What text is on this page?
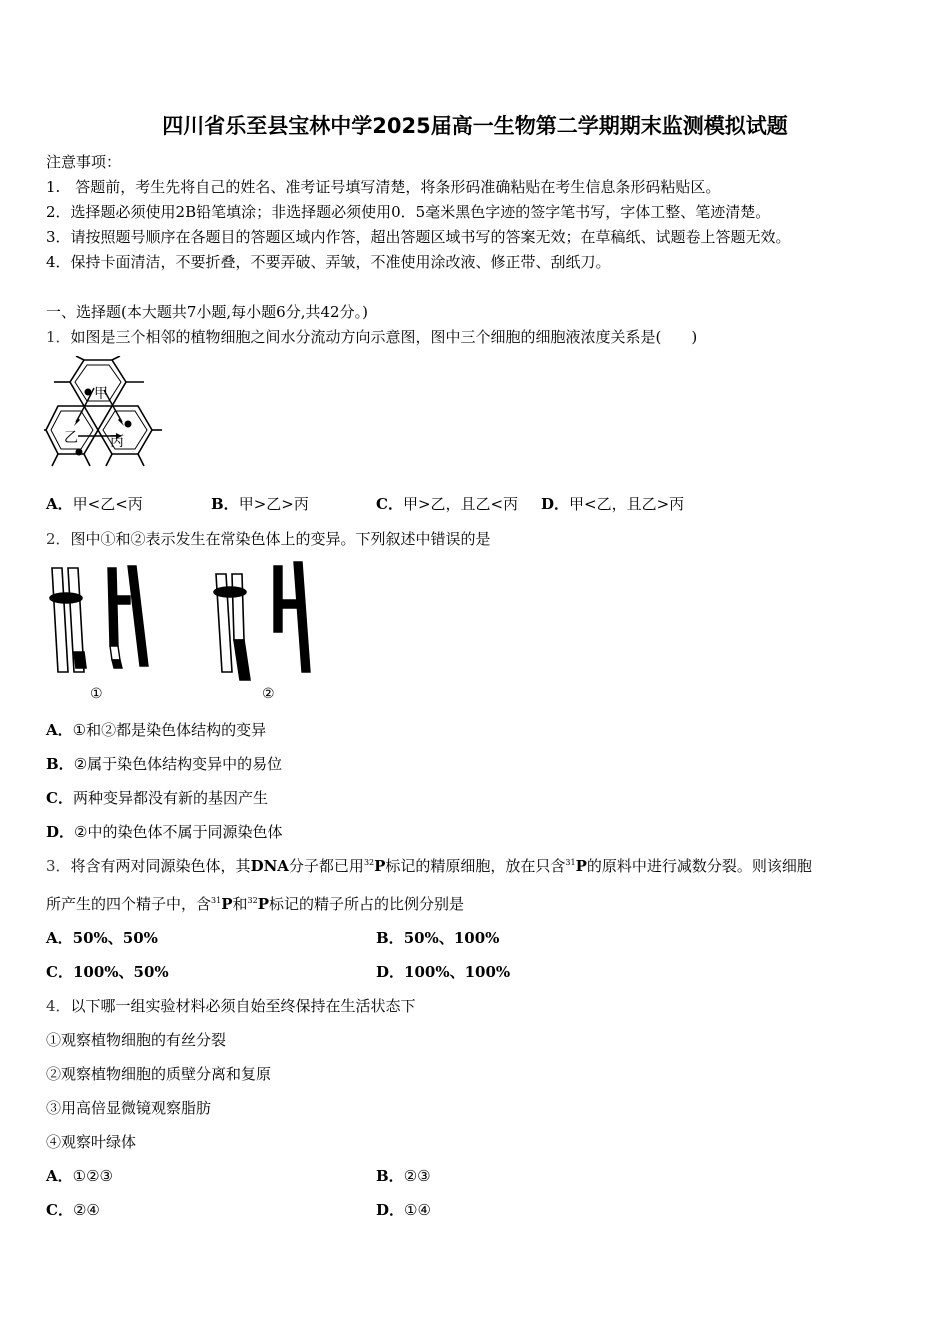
四川省乐至县宝林中学2025届高一生物第二学期期末监测模拟试题
注意事项：
1.　答题前，考生先将自己的姓名、准考证号填写清楚，将条形码准确粘贴在考生信息条形码粘贴区。
2．选择题必须使用2B铅笔填涂；非选择题必须使用0．5毫米黑色字迹的签字笔书写，字体工整、笔迹清楚。
3．请按照题号顺序在各题目的答题区域内作答，超出答题区域书写的答案无效；在草稿纸、试题卷上答题无效。
4．保持卡面清洁，不要折叠，不要弄破、弄皱，不准使用涂改液、修正带、刮纸刀。
一、选择题(本大题共7小题,每小题6分,共42分。)
1．如图是三个相邻的植物细胞之间水分流动方向示意图，图中三个细胞的细胞液浓度关系是(　　)
甲
乙 丙
A．甲<乙<丙	B．甲>乙>丙	C．甲>乙，且乙<丙 D．甲<乙，且乙>丙
2．图中①和②表示发生在常染色体上的变异。下列叙述中错误的是
①	②
A．①和②都是染色体结构的变异
B．②属于染色体结构变异中的易位
C．两种变异都没有新的基因产生
D．②中的染色体不属于同源染色体
3．将含有两对同源染色体，其DNA分子都已用$^{32}$P标记的精原细胞，放在只含$^{31}$P的原料中进行减数分裂。则该细胞
所产生的四个精子中，含$^{31}$P和$^{32}$P标记的精子所占的比例分别是
A．50%、50%	B．50%、100%
C．100%、50%	D．100%、100%
4．以下哪一组实验材料必须自始至终保持在生活状态下
①观察植物细胞的有丝分裂
②观察植物细胞的质壁分离和复原
③用高倍显微镜观察脂肪
④观察叶绿体
A．①②③	B．②③
C．②④	D．①④
